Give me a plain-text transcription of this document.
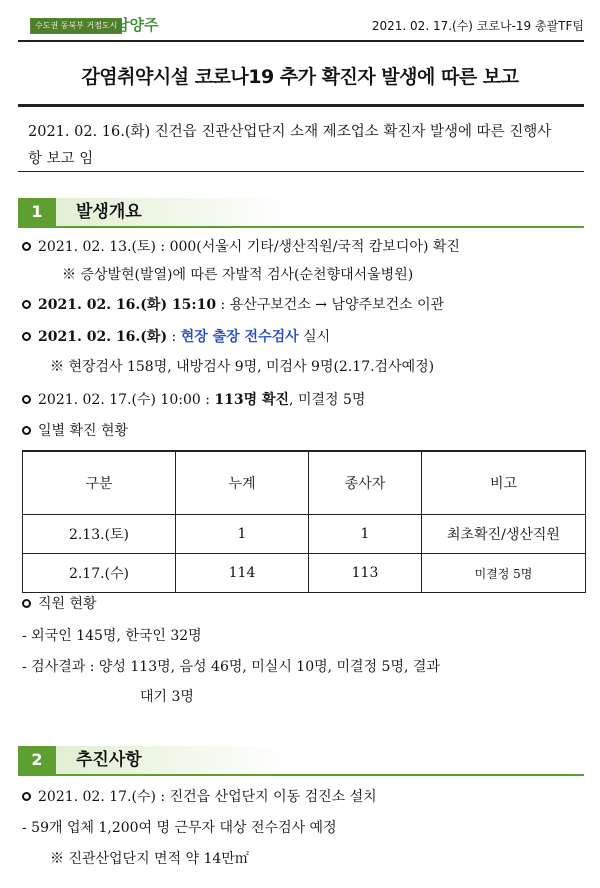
수도권 동북부 거점도시
남양주	2021. 02. 17.(수) 코로나-19 총괄TF팀
감염취약시설 코로나19 추가 확진자 발생에 따른 보고
2021. 02. 16.(화) 진건읍 진관산업단지 소재 제조업소 확진자 발생에 따른 진행사
항 보고 임
1	발생개요
2021. 02. 13.(토) : 000(서울시 기타/생산직원/국적 캄보디아) 확진
※ 증상발현(발열)에 따른 자발적 검사(순천향대서울병원)
2021. 02. 16.(화) 15:10 : 용산구보건소 → 남양주보건소 이관
2021. 02. 16.(화) : 현장 출장 전수검사 실시
※ 현장검사 158명, 내방검사 9명, 미검사 9명(2.17.검사예정)
2021. 02. 17.(수) 10:00 : 113명 확진, 미결정 5명
일별 확진 현황
구분	누계	종사자	비고
2.13.(토)	1	1	최초확진/생산직원
2.17.(수)	114	113	미결정 5명
직원 현황
- 외국인 145명, 한국인 32명
- 검사결과 : 양성 113명, 음성 46명, 미실시 10명, 미결정 5명, 결과
대기 3명
2	추진사항
2021. 02. 17.(수) : 진건읍 산업단지 이동 검진소 설치
- 59개 업체 1,200여 명 근무자 대상 전수검사 예정
※ 진관산업단지 면적 약 14만㎡
